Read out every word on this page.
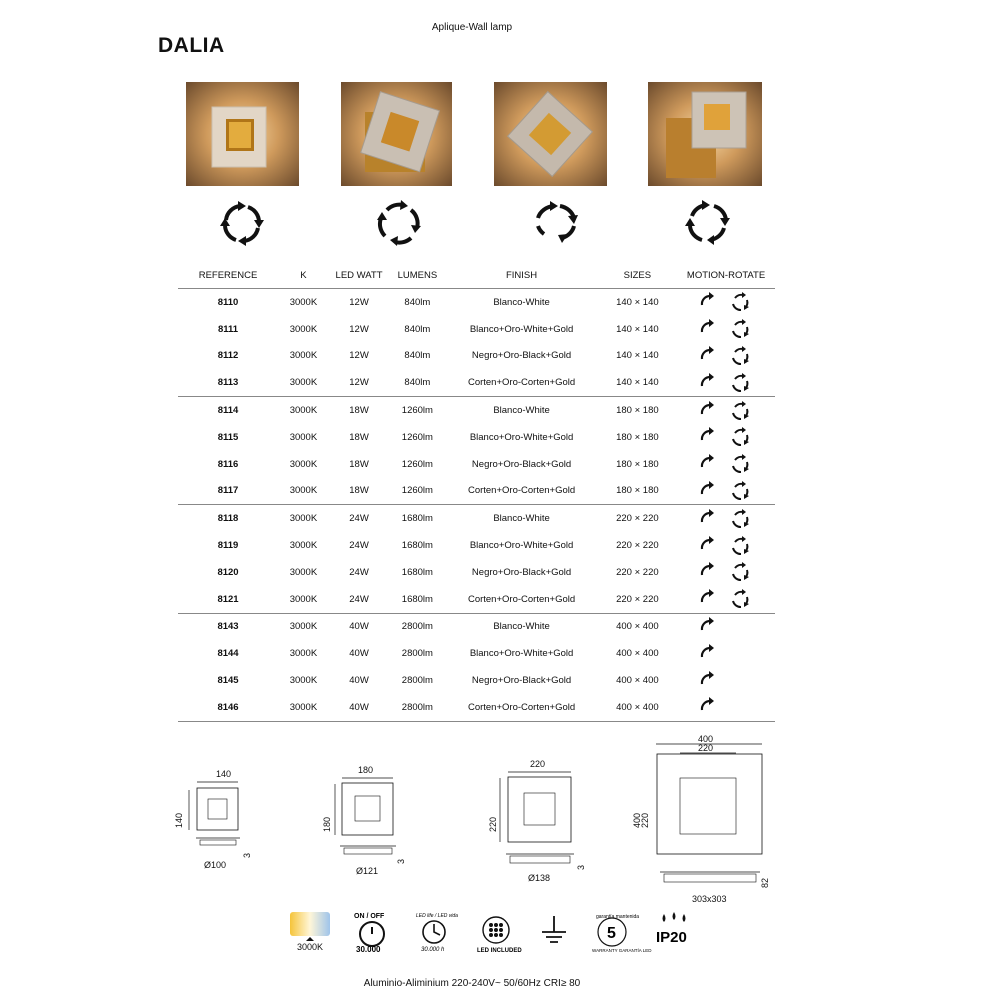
Aplique-Wall lamp
DALIA
REFERENCE	K	LED WATT	LUMENS	FINISH	SIZES	MOTION-ROTATE
8110	3000K	12W	840lm	Blanco-White	140 × 140	

8111	3000K	12W	840lm	Blanco+Oro-White+Gold	140 × 140	

8112	3000K	12W	840lm	Negro+Oro-Black+Gold	140 × 140	

8113	3000K	12W	840lm	Corten+Oro-Corten+Gold	140 × 140	

8114	3000K	18W	1260lm	Blanco-White	180 × 180	

8115	3000K	18W	1260lm	Blanco+Oro-White+Gold	180 × 180	

8116	3000K	18W	1260lm	Negro+Oro-Black+Gold	180 × 180	

8117	3000K	18W	1260lm	Corten+Oro-Corten+Gold	180 × 180	

8118	3000K	24W	1680lm	Blanco-White	220 × 220	

8119	3000K	24W	1680lm	Blanco+Oro-White+Gold	220 × 220	

8120	3000K	24W	1680lm	Negro+Oro-Black+Gold	220 × 220	

8121	3000K	24W	1680lm	Corten+Oro-Corten+Gold	220 × 220	

8143	3000K	40W	2800lm	Blanco-White	400 × 400	

8144	3000K	40W	2800lm	Blanco+Oro-White+Gold	400 × 400	

8145	3000K	40W	2800lm	Negro+Oro-Black+Gold	400 × 400	

8146	3000K	40W	2800lm	Corten+Oro-Corten+Gold	400 × 400	
140
140
Ø100
3
180
180
Ø121
3
220
220
Ø138
3
400
220
400
220
303x303
82
3000K
ON / OFF
30.000
LED life / LED vida
30.000 h	LED INCLUDED
garantía mantenida
5
WARRANTY GARANTÍA LED
IP20
Aluminio-Aliminium 220-240V~ 50/60Hz CRI≥ 80
